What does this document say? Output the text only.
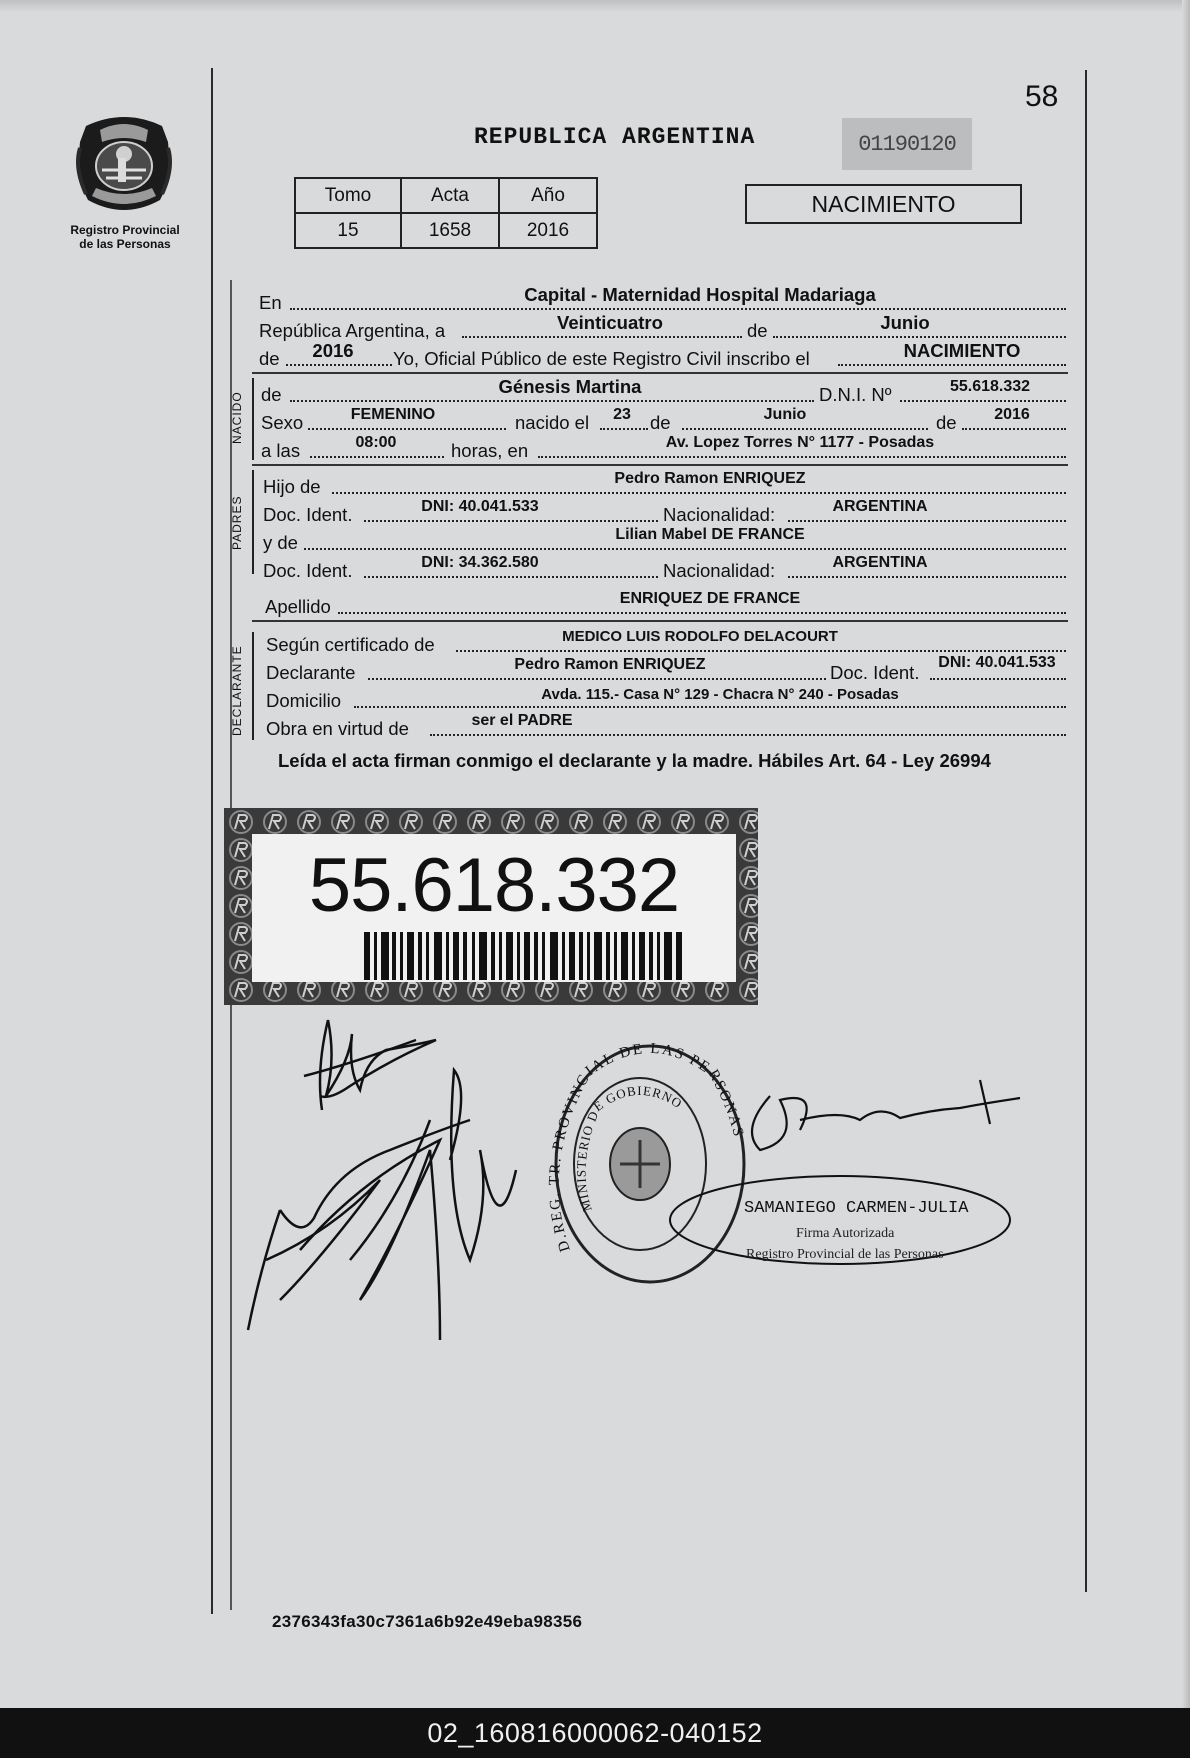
Registro Provincial
de las Personas
58
REPUBLICA ARGENTINA	01190120
Tomo	Acta	Año
15	1658	2016
NACIMIENTO
En	Capital - Maternidad Hospital Madariaga
República Argentina, a	Veinticuatro	de	Junio
de	2016	Yo, Oficial Público de este Registro Civil inscribo el	NACIMIENTO
NACIDO de	Génesis Martina	D.N.I. Nº	55.618.332
Sexo	FEMENINO	nacido el	23	de	Junio	de	2016
a las	08:00	horas, en	Av. Lopez Torres N° 1177 - Posadas
PADRES
Hijo de	Pedro Ramon ENRIQUEZ
Doc. Ident.	DNI: 40.041.533	Nacionalidad:	ARGENTINA
y de	Lilian Mabel DE FRANCE
Doc. Ident.	DNI: 34.362.580	Nacionalidad:	ARGENTINA
Apellido	ENRIQUEZ DE FRANCE
DECLARANTE
Según certificado de	MEDICO LUIS RODOLFO DELACOURT
Declarante	Pedro Ramon ENRIQUEZ	Doc. Ident.	DNI: 40.041.533
Domicilio	Avda. 115.- Casa N° 129 - Chacra N° 240 - Posadas
Obra en virtud de	ser el PADRE
Leída el acta firman conmigo el declarante y la madre. Hábiles Art. 64 - Ley 26994
55.618.332
D.REG. TR. PROVINCIAL DE LAS PERSONAS
MINISTERIO DE GOBIERNO
SAMANIEGO CARMEN-JULIA
Firma Autorizada
Registro Provincial de las Personas
2376343fa30c7361a6b92e49eba98356
02_160816000062-040152
